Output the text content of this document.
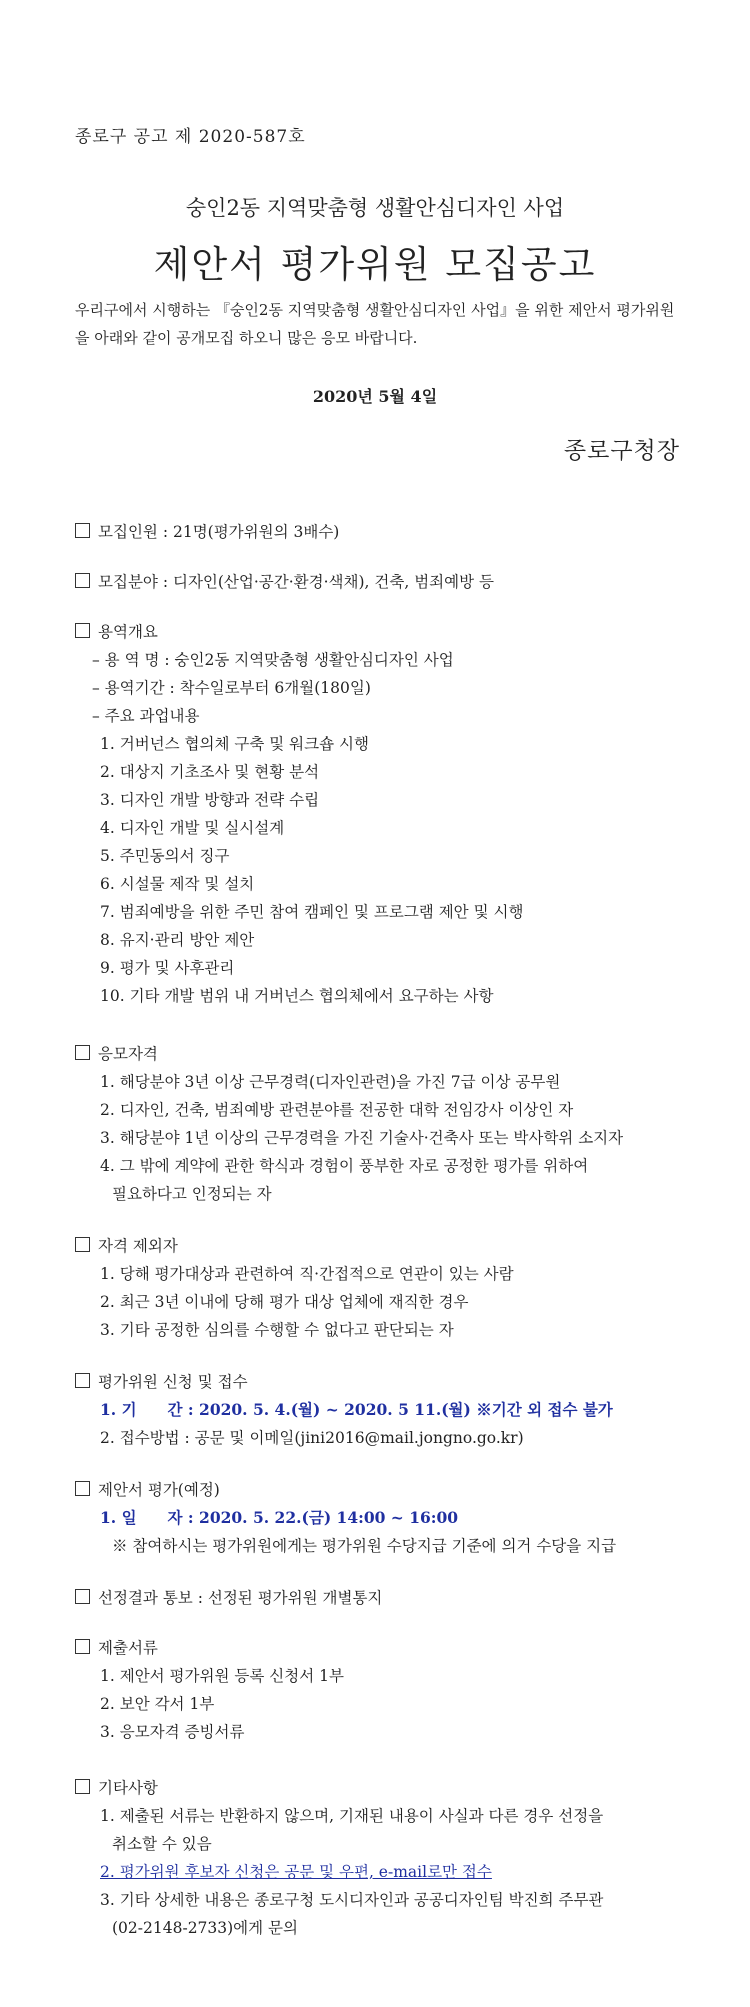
종로구 공고 제 2020-587호
숭인2동 지역맞춤형 생활안심디자인 사업
제안서 평가위원 모집공고
우리구에서 시행하는 『숭인2동 지역맞춤형 생활안심디자인 사업』을 위한 제안서 평가위원을 아래와 같이 공개모집 하오니 많은 응모 바랍니다.
2020년 5월 4일
종로구청장
모집인원 : 21명(평가위원의 3배수)
모집분야 : 디자인(산업·공간·환경·색채), 건축, 범죄예방 등
용역개요
– 용 역 명 : 숭인2동 지역맞춤형 생활안심디자인 사업
– 용역기간 : 착수일로부터 6개월(180일)
– 주요 과업내용
1. 거버넌스 협의체 구축 및 워크숍 시행
2. 대상지 기초조사 및 현황 분석
3. 디자인 개발 방향과 전략 수립
4. 디자인 개발 및 실시설계
5. 주민동의서 징구
6. 시설물 제작 및 설치
7. 범죄예방을 위한 주민 참여 캠페인 및 프로그램 제안 및 시행
8. 유지·관리 방안 제안
9. 평가 및 사후관리
10. 기타 개발 범위 내 거버넌스 협의체에서 요구하는 사항
응모자격
1. 해당분야 3년 이상 근무경력(디자인관련)을 가진 7급 이상 공무원
2. 디자인, 건축, 범죄예방 관련분야를 전공한 대학 전임강사 이상인 자
3. 해당분야 1년 이상의 근무경력을 가진 기술사·건축사 또는 박사학위 소지자
4. 그 밖에 계약에 관한 학식과 경험이 풍부한 자로 공정한 평가를 위하여
필요하다고 인정되는 자
자격 제외자
1. 당해 평가대상과 관련하여 직·간접적으로 연관이 있는 사람
2. 최근 3년 이내에 당해 평가 대상 업체에 재직한 경우
3. 기타 공정한 심의를 수행할 수 없다고 판단되는 자
평가위원 신청 및 접수
1. 기　　간 : 2020. 5. 4.(월) ~ 2020. 5 11.(월) ※기간 외 접수 불가
2. 접수방법 : 공문 및 이메일(jini2016@mail.jongno.go.kr)
제안서 평가(예정)
1. 일　　자 : 2020. 5. 22.(금) 14:00 ~ 16:00
※ 참여하시는 평가위원에게는 평가위원 수당지급 기준에 의거 수당을 지급
선정결과 통보 : 선정된 평가위원 개별통지
제출서류
1. 제안서 평가위원 등록 신청서 1부
2. 보안 각서 1부
3. 응모자격 증빙서류
기타사항
1. 제출된 서류는 반환하지 않으며, 기재된 내용이 사실과 다른 경우 선정을
취소할 수 있음
2. 평가위원 후보자 신청은 공문 및 우편, e-mail로만 접수
3. 기타 상세한 내용은 종로구청 도시디자인과 공공디자인팀 박진희 주무관
(02-2148-2733)에게 문의
